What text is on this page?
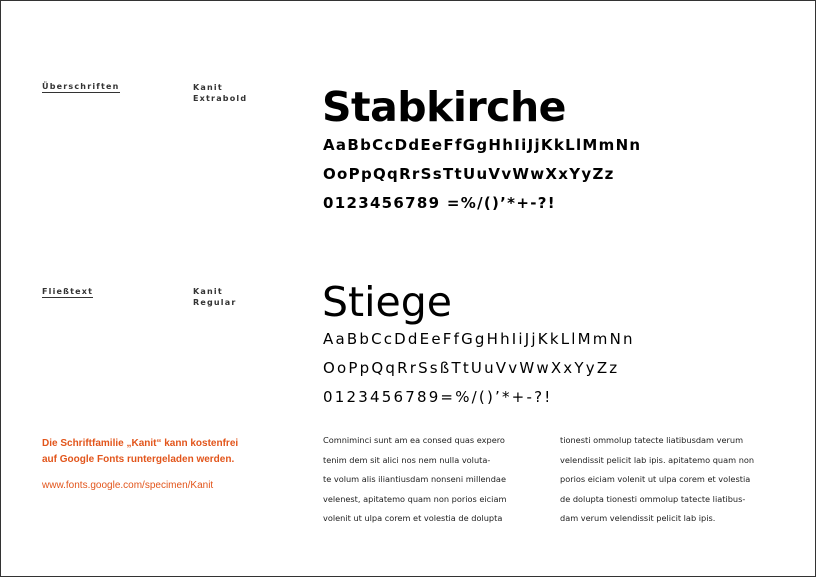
Überschriften	Kanit
Extrabold Stabkirche
AaBbCcDdEeFfGgHhIiJjKkLlMmNn
OoPpQqRrSsTtUuVvWwXxYyZz
0123456789 =%/()’*+-?!
Fließtext	Kanit
Regular Stiege
AaBbCcDdEeFfGgHhIiJjKkLlMmNn
OoPpQqRrSsßTtUuVvWwXxYyZz
0123456789=%/()’*+-?!
Die Schriftfamilie „Kanit“ kann kostenfrei
auf Google Fonts runtergeladen werden.
www.fonts.google.com/specimen/Kanit
Comniminci sunt am ea consed quas expero
tenim dem sit alici nos nem nulla voluta-
te volum alis iliantiusdam nonseni millendae
velenest, apitatemo quam non porios eiciam
volenit ut ulpa corem et volestia de dolupta
tionesti ommolup tatecte liatibusdam verum
velendissit pelicit lab ipis. apitatemo quam non
porios eiciam volenit ut ulpa corem et volestia
de dolupta tionesti ommolup tatecte liatibus-
dam verum velendissit pelicit lab ipis.
